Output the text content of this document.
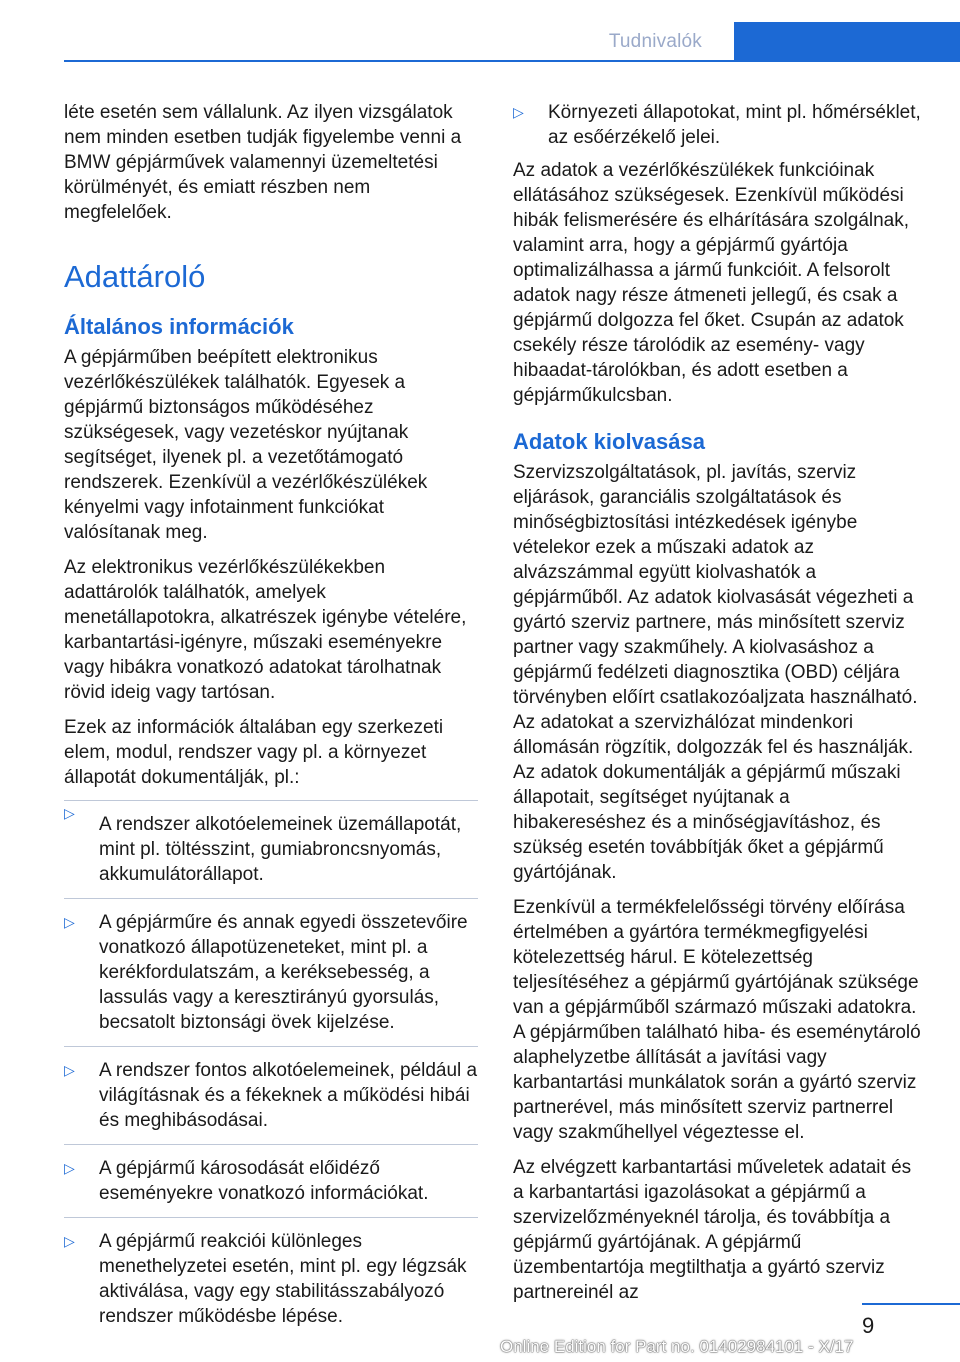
Tudnivalók

léte esetén sem vállalunk. Az ilyen vizsgálatok nem minden esetben tudják figyelembe venni a BMW gépjárművek valamennyi üzemeltetési körülményét, és emiatt részben nem megfelelőek.

Adattároló
Általános információk

A gépjárműben beépített elektronikus vezérlőkészülékek találhatók. Egyesek a gépjármű biztonságos működéséhez szükségesek, vagy vezetéskor nyújtanak segítséget, ilyenek pl. a vezetőtámogató rendszerek. Ezenkívül a vezérlőkészülékek kényelmi vagy infotainment funkciókat valósítanak meg.

Az elektronikus vezérlőkészülékekben adattárolók találhatók, amelyek menetállapotokra, alkatrészek igénybe vételére, karbantartási-igényre, műszaki eseményekre vagy hibákra vonatkozó adatokat tárolhatnak rövid ideig vagy tartósan.

Ezek az információk általában egy szerkezeti elem, modul, rendszer vagy pl. a környezet állapotát dokumentálják, pl.:

▷
A rendszer alkotóelemeinek üzemállapotát, mint pl. töltésszint, gumiabroncsnyomás, akkumulátorállapot.
▷ A gépjárműre és annak egyedi összetevőire vonatkozó állapotüzeneteket, mint pl. a kerékfordulatszám, a keréksebesség, a lassulás vagy a keresztirányú gyorsulás, becsatolt biztonsági övek kijelzése.
▷ A rendszer fontos alkotóelemeinek, például a világításnak és a fékeknek a működési hibái és meghibásodásai.
▷ A gépjármű károsodását előidéző eseményekre vonatkozó információkat.
▷ A gépjármű reakciói különleges menethelyzetei esetén, mint pl. egy légzsák aktiválása, vagy egy stabilitásszabályozó rendszer működésbe lépése.
▷ Környezeti állapotokat, mint pl. hőmérséklet, az esőérzékelő jelei.

Az adatok a vezérlőkészülékek funkcióinak ellátásához szükségesek. Ezenkívül működési hibák felismerésére és elhárítására szolgálnak, valamint arra, hogy a gépjármű gyártója optimalizálhassa a jármű funkcióit. A felsorolt adatok nagy része átmeneti jellegű, és csak a gépjármű dolgozza fel őket. Csupán az adatok csekély része tárolódik az esemény- vagy hibaadat-tárolókban, és adott esetben a gépjárműkulcsban.

Adatok kiolvasása

Szervizszolgáltatások, pl. javítás, szerviz eljárások, garanciális szolgáltatások és minőségbiztosítási intézkedések igénybe vételekor ezek a műszaki adatok az alvázszámmal együtt kiolvashatók a gépjárműből. Az adatok kiolvasását végezheti a gyártó szerviz partnere, más minősített szerviz partner vagy szakműhely. A kiolvasáshoz a gépjármű fedélzeti diagnosztika (OBD) céljára törvényben előírt csatlakozóaljzata használható. Az adatokat a szervizhálózat mindenkori állomásán rögzítik, dolgozzák fel és használják. Az adatok dokumentálják a gépjármű műszaki állapotait, segítséget nyújtanak a hibakereséshez és a minőségjavításhoz, és szükség esetén továbbítják őket a gépjármű gyártójának.

Ezenkívül a termékfelelősségi törvény előírása értelmében a gyártóra termékmegfigyelési kötelezettség hárul. E kötelezettség teljesítéséhez a gépjármű gyártójának szüksége van a gépjárműből származó műszaki adatokra. A gépjárműben található hiba- és eseménytároló alaphelyzetbe állítását a javítási vagy karbantartási munkálatok során a gyártó szerviz partnerével, más minősített szerviz partnerrel vagy szakműhellyel végeztesse el.

Az elvégzett karbantartási műveletek adatait és a karbantartási igazolásokat a gépjármű a szervizelőzményeknél tárolja, és továbbítja a gépjármű gyártójának. A gépjármű üzembentartója megtilthatja a gyártó szerviz partnereinél az

9
Online Edition for Part no. 01402984101 - X/17
